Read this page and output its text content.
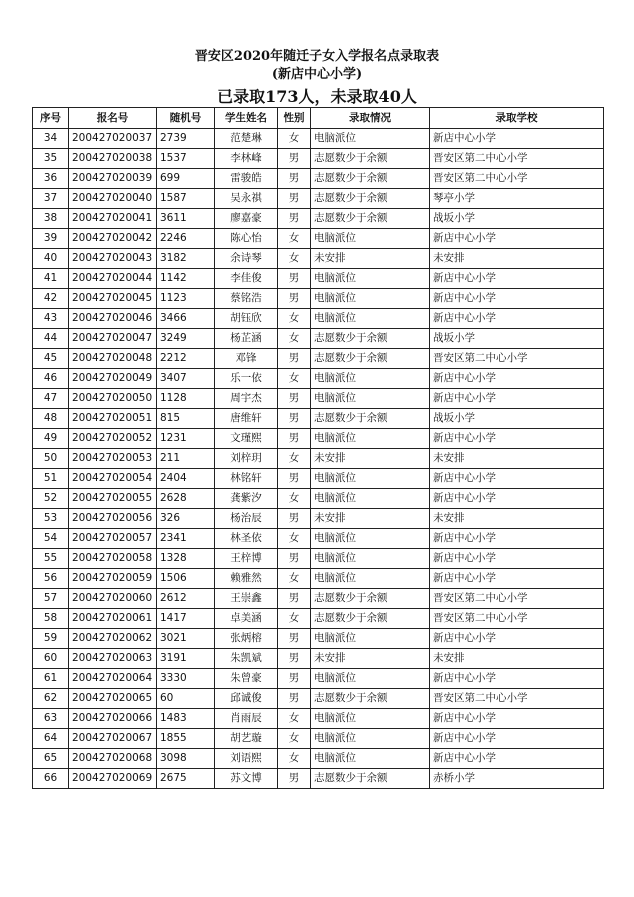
晋安区2020年随迁子女入学报名点录取表
(新店中心小学)
已录取173人，未录取40人
序号	报名号	随机号	学生姓名	性别	录取情况	录取学校
34	200427020037	2739	范楚琳	女	电脑派位	新店中心小学
35	200427020038	1537	李林峰	男	志愿数少于余额	晋安区第二中心小学
36	200427020039	699	雷骏皓	男	志愿数少于余额	晋安区第二中心小学
37	200427020040	1587	吴永祺	男	志愿数少于余额	琴亭小学
38	200427020041	3611	廖嘉豪	男	志愿数少于余额	战坂小学
39	200427020042	2246	陈心怡	女	电脑派位	新店中心小学
40	200427020043	3182	余诗琴	女	未安排	未安排
41	200427020044	1142	李佳俊	男	电脑派位	新店中心小学
42	200427020045	1123	蔡铭浩	男	电脑派位	新店中心小学
43	200427020046	3466	胡钰欣	女	电脑派位	新店中心小学
44	200427020047	3249	杨芷涵	女	志愿数少于余额	战坂小学
45	200427020048	2212	邓锋	男	志愿数少于余额	晋安区第二中心小学
46	200427020049	3407	乐一依	女	电脑派位	新店中心小学
47	200427020050	1128	周宇杰	男	电脑派位	新店中心小学
48	200427020051	815	唐维轩	男	志愿数少于余额	战坂小学
49	200427020052	1231	文瑾熙	男	电脑派位	新店中心小学
50	200427020053	211	刘梓玥	女	未安排	未安排
51	200427020054	2404	林铭轩	男	电脑派位	新店中心小学
52	200427020055	2628	龚紫汐	女	电脑派位	新店中心小学
53	200427020056	326	杨治辰	男	未安排	未安排
54	200427020057	2341	林圣依	女	电脑派位	新店中心小学
55	200427020058	1328	王梓博	男	电脑派位	新店中心小学
56	200427020059	1506	赖雅然	女	电脑派位	新店中心小学
57	200427020060	2612	王崇鑫	男	志愿数少于余额	晋安区第二中心小学
58	200427020061	1417	卓美涵	女	志愿数少于余额	晋安区第二中心小学
59	200427020062	3021	张炳榕	男	电脑派位	新店中心小学
60	200427020063	3191	朱凯斌	男	未安排	未安排
61	200427020064	3330	朱曾豪	男	电脑派位	新店中心小学
62	200427020065	60	邱诚俊	男	志愿数少于余额	晋安区第二中心小学
63	200427020066	1483	肖雨辰	女	电脑派位	新店中心小学
64	200427020067	1855	胡艺璇	女	电脑派位	新店中心小学
65	200427020068	3098	刘语熙	女	电脑派位	新店中心小学
66	200427020069	2675	苏文博	男	志愿数少于余额	赤桥小学
